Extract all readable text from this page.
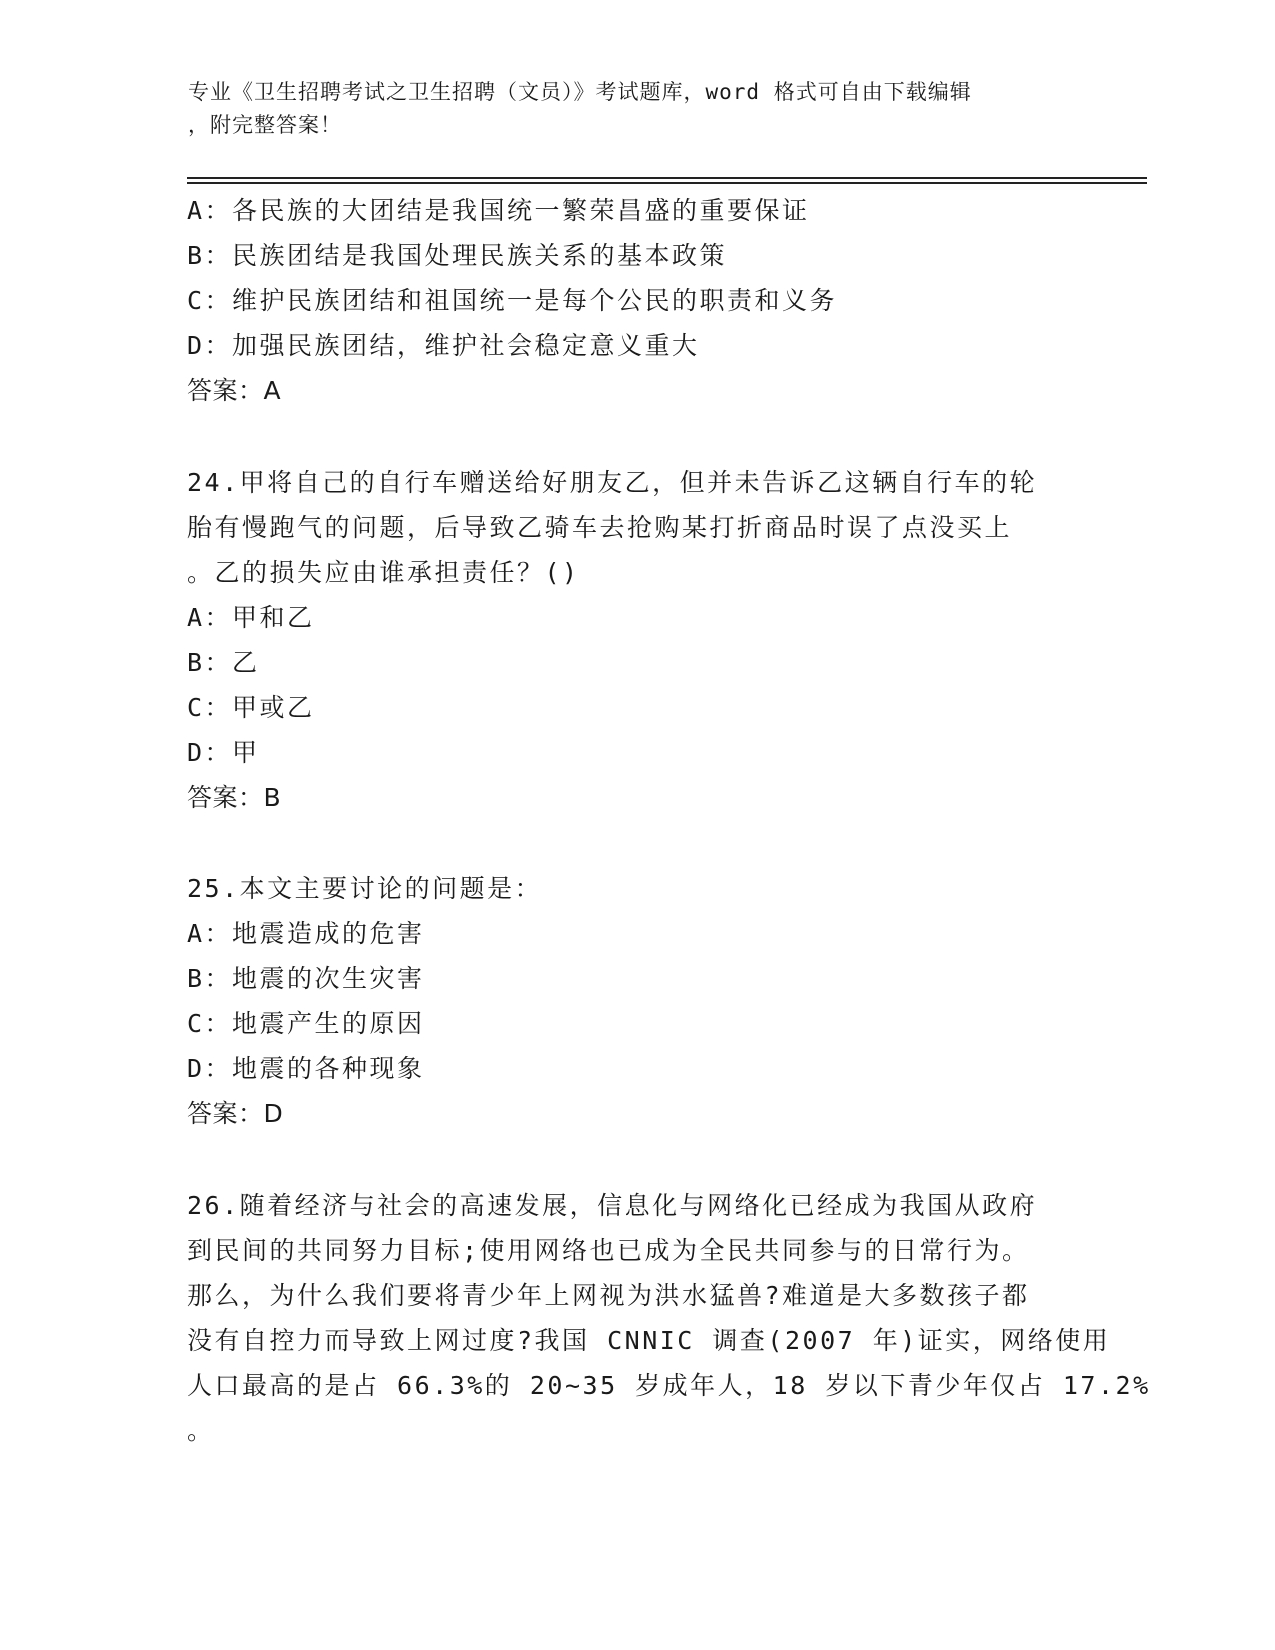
专业《卫生招聘考试之卫生招聘（文员）》考试题库，word 格式可自由下载编辑
，附完整答案！
A：各民族的大团结是我国统一繁荣昌盛的重要保证
B：民族团结是我国处理民族关系的基本政策
C：维护民族团结和祖国统一是每个公民的职责和义务
D：加强民族团结，维护社会稳定意义重大
答案：A
24.甲将自己的自行车赠送给好朋友乙，但并未告诉乙这辆自行车的轮
胎有慢跑气的问题，后导致乙骑车去抢购某打折商品时误了点没买上
。乙的损失应由谁承担责任？()
A：甲和乙
B：乙
C：甲或乙
D：甲
答案：B
25.本文主要讨论的问题是：
A：地震造成的危害
B：地震的次生灾害
C：地震产生的原因
D：地震的各种现象
答案：D
26.随着经济与社会的高速发展，信息化与网络化已经成为我国从政府
到民间的共同努力目标;使用网络也已成为全民共同参与的日常行为。
那么，为什么我们要将青少年上网视为洪水猛兽?难道是大多数孩子都
没有自控力而导致上网过度?我国 CNNIC 调查(2007 年)证实，网络使用
人口最高的是占 66.3%的 20~35 岁成年人，18 岁以下青少年仅占 17.2%
。
